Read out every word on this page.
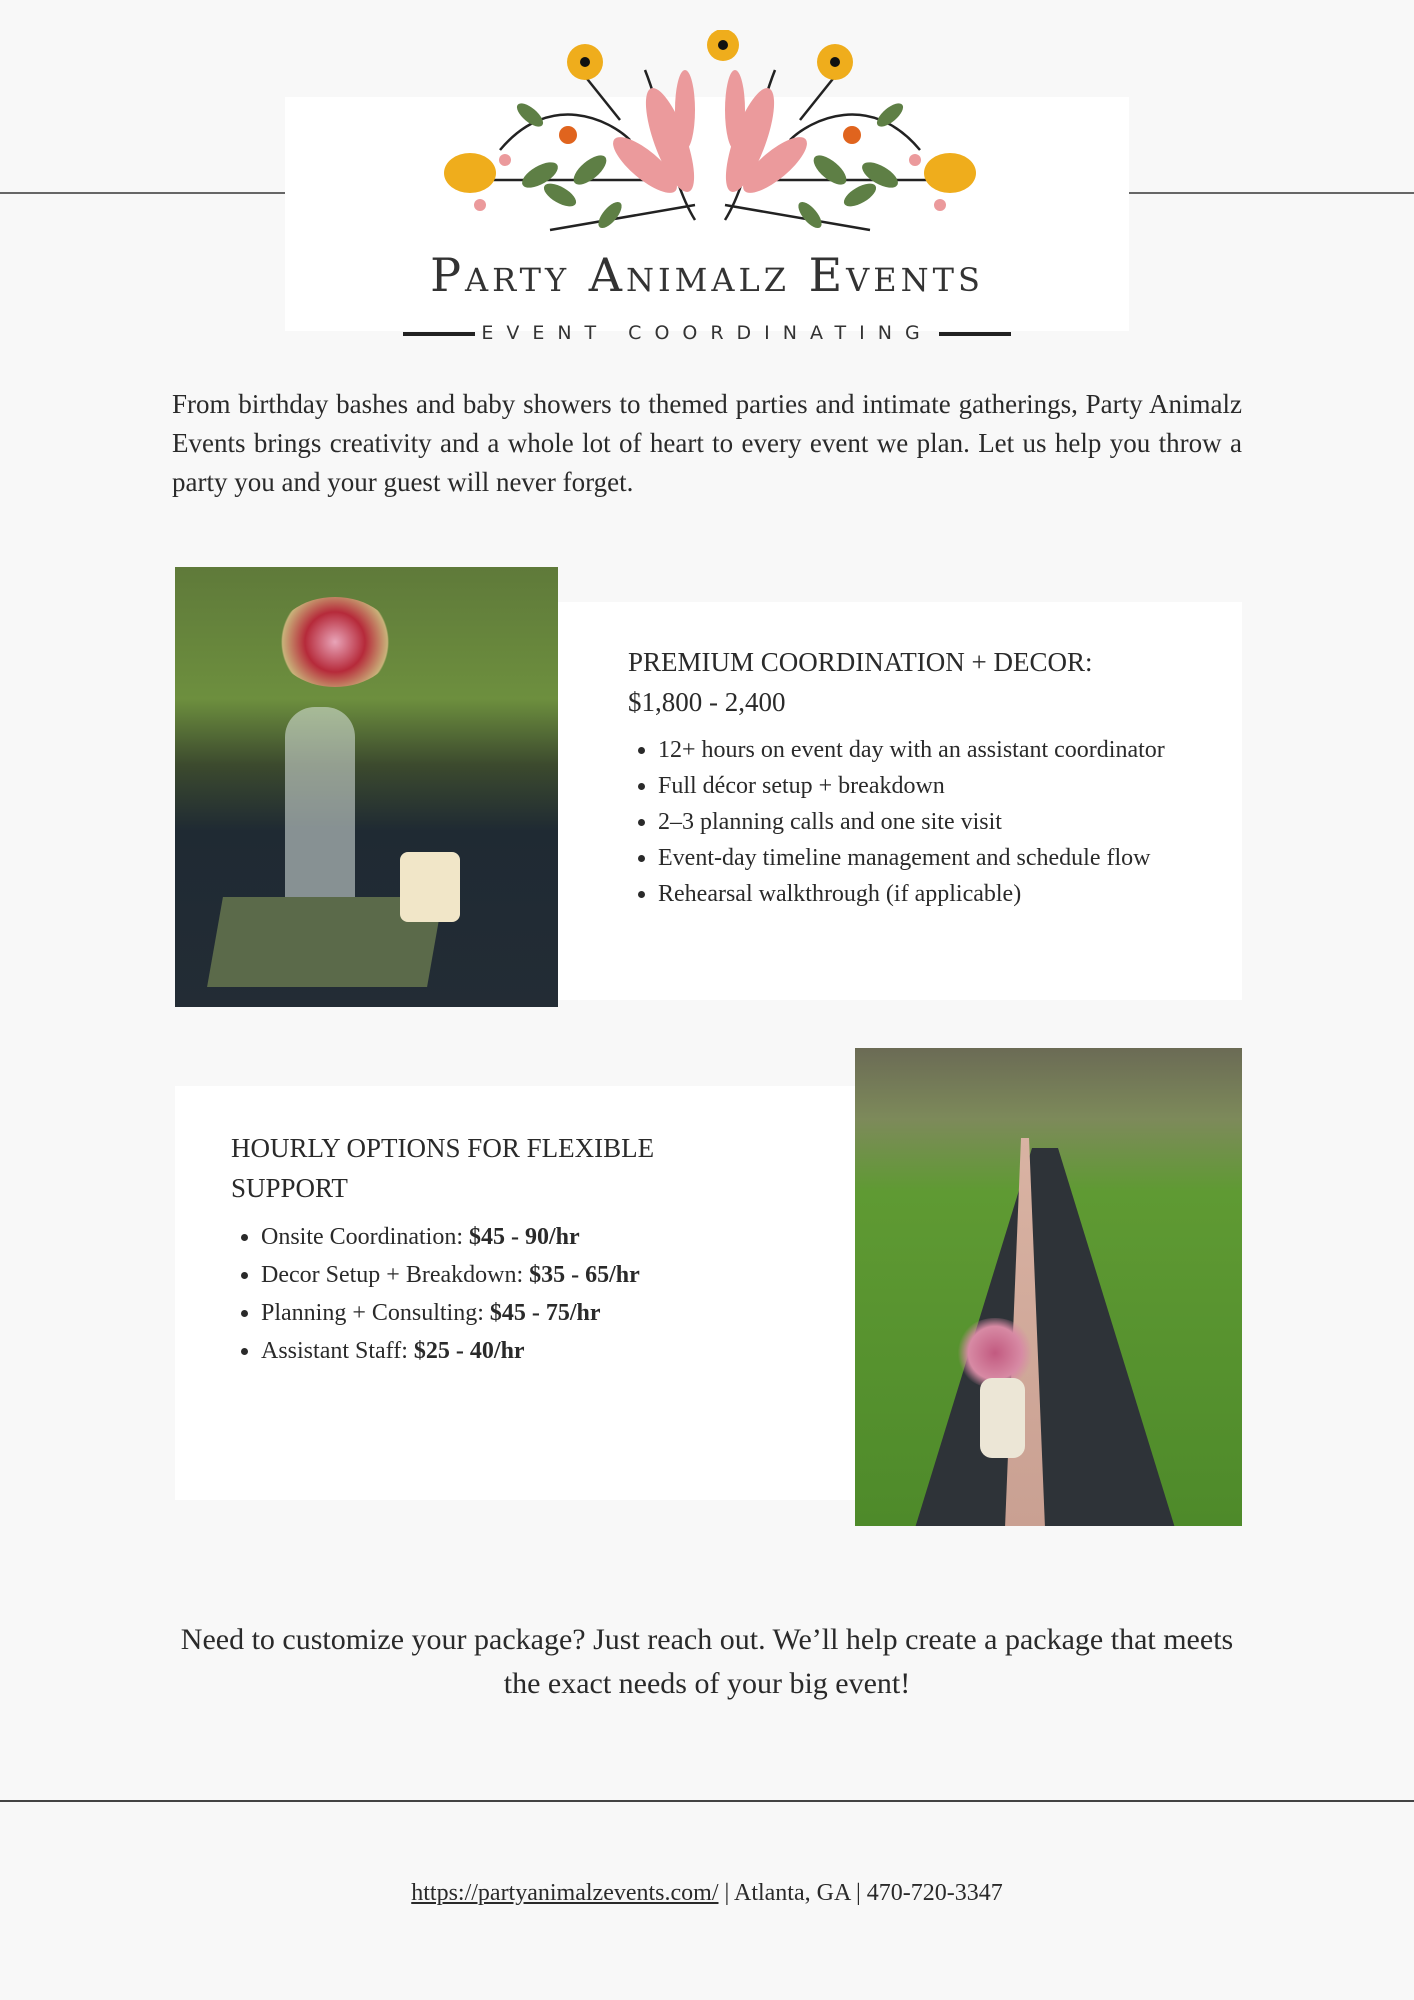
Party Animalz Events
EVENT COORDINATING

From birthday bashes and baby showers to themed parties and intimate gatherings, Party Animalz Events brings creativity and a whole lot of heart to every event we plan. Let us help you throw a party you and your guest will never forget.

PREMIUM COORDINATION + DECOR:
$1,800 - 2,400
• 12+ hours on event day with an assistant coordinator
• Full décor setup + breakdown
• 2–3 planning calls and one site visit
• Event-day timeline management and schedule flow
• Rehearsal walkthrough (if applicable)
HOURLY OPTIONS FOR FLEXIBLE SUPPORT
• Onsite Coordination: $45 - 90/hr
• Decor Setup + Breakdown: $35 - 65/hr
• Planning + Consulting: $45 - 75/hr
• Assistant Staff: $25 - 40/hr

Need to customize your package? Just reach out. We’ll help create a package that meets the exact needs of your big event!

https://partyanimalzevents.com/ | Atlanta, GA | 470-720-3347
